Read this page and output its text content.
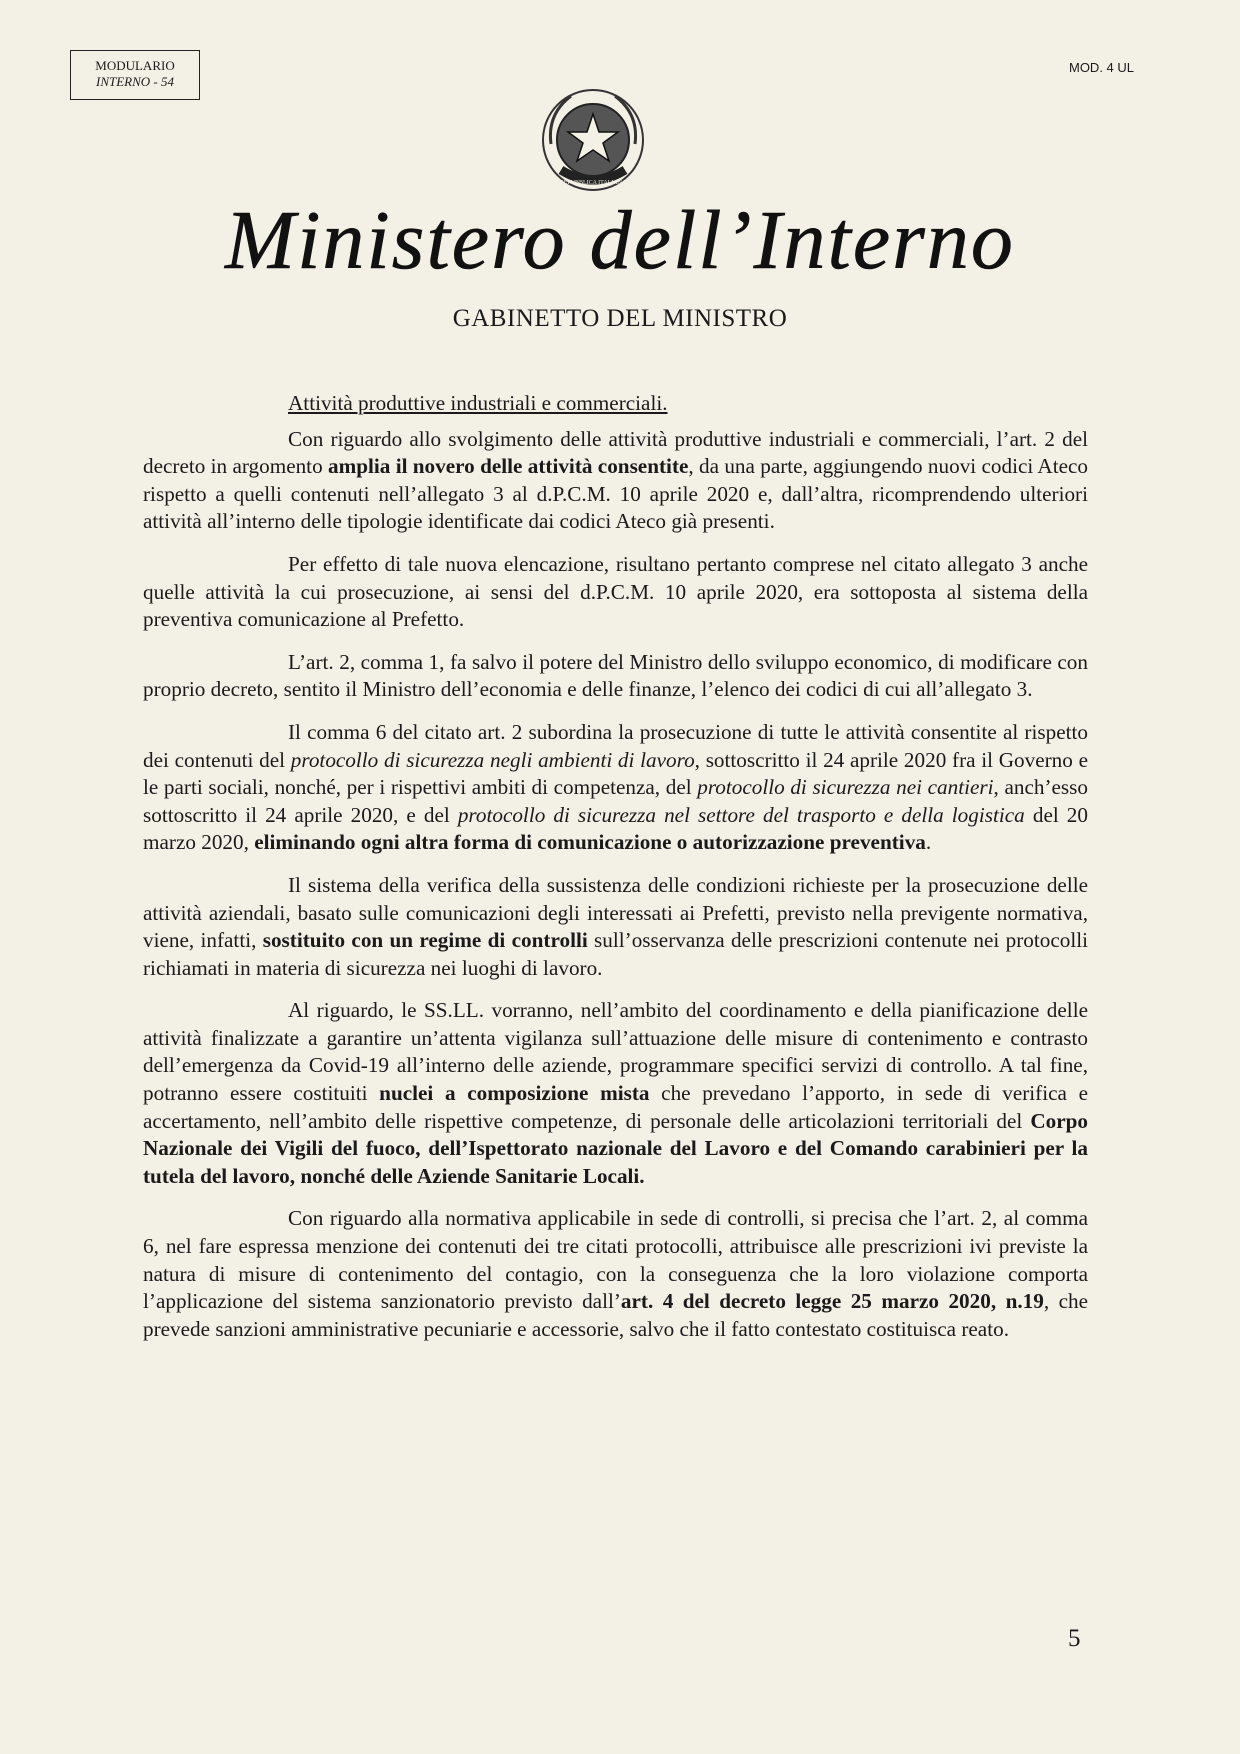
MODULARIO
INTERNO - 54
MOD. 4 UL
REPUBBLICA ITALIANA
Ministero dell’Interno
GABINETTO DEL MINISTRO

Attività produttive industriali e commerciali.

Con riguardo allo svolgimento delle attività produttive industriali e commerciali, l’art. 2 del decreto in argomento amplia il novero delle attività consentite, da una parte, aggiungendo nuovi codici Ateco rispetto a quelli contenuti nell’allegato 3 al d.P.C.M. 10 aprile 2020 e, dall’altra, ricomprendendo ulteriori attività all’interno delle tipologie identificate dai codici Ateco già presenti.

Per effetto di tale nuova elencazione, risultano pertanto comprese nel citato allegato 3 anche quelle attività la cui prosecuzione, ai sensi del d.P.C.M. 10 aprile 2020, era sottoposta al sistema della preventiva comunicazione al Prefetto.

L’art. 2, comma 1, fa salvo il potere del Ministro dello sviluppo economico, di modificare con proprio decreto, sentito il Ministro dell’economia e delle finanze, l’elenco dei codici di cui all’allegato 3.

Il comma 6 del citato art. 2 subordina la prosecuzione di tutte le attività consentite al rispetto dei contenuti del protocollo di sicurezza negli ambienti di lavoro, sottoscritto il 24 aprile 2020 fra il Governo e le parti sociali, nonché, per i rispettivi ambiti di competenza, del protocollo di sicurezza nei cantieri, anch’esso sottoscritto il 24 aprile 2020, e del protocollo di sicurezza nel settore del trasporto e della logistica del 20 marzo 2020, eliminando ogni altra forma di comunicazione o autorizzazione preventiva.

Il sistema della verifica della sussistenza delle condizioni richieste per la prosecuzione delle attività aziendali, basato sulle comunicazioni degli interessati ai Prefetti, previsto nella previgente normativa, viene, infatti, sostituito con un regime di controlli sull’osservanza delle prescrizioni contenute nei protocolli richiamati in materia di sicurezza nei luoghi di lavoro.

Al riguardo, le SS.LL. vorranno, nell’ambito del coordinamento e della pianificazione delle attività finalizzate a garantire un’attenta vigilanza sull’attuazione delle misure di contenimento e contrasto dell’emergenza da Covid-19 all’interno delle aziende, programmare specifici servizi di controllo. A tal fine, potranno essere costituiti nuclei a composizione mista che prevedano l’apporto, in sede di verifica e accertamento, nell’ambito delle rispettive competenze, di personale delle articolazioni territoriali del Corpo Nazionale dei Vigili del fuoco, dell’Ispettorato nazionale del Lavoro e del Comando carabinieri per la tutela del lavoro, nonché delle Aziende Sanitarie Locali.

Con riguardo alla normativa applicabile in sede di controlli, si precisa che l’art. 2, al comma 6, nel fare espressa menzione dei contenuti dei tre citati protocolli, attribuisce alle prescrizioni ivi previste la natura di misure di contenimento del contagio, con la conseguenza che la loro violazione comporta l’applicazione del sistema sanzionatorio previsto dall’art. 4 del decreto legge 25 marzo 2020, n.19, che prevede sanzioni amministrative pecuniarie e accessorie, salvo che il fatto contestato costituisca reato.

5
